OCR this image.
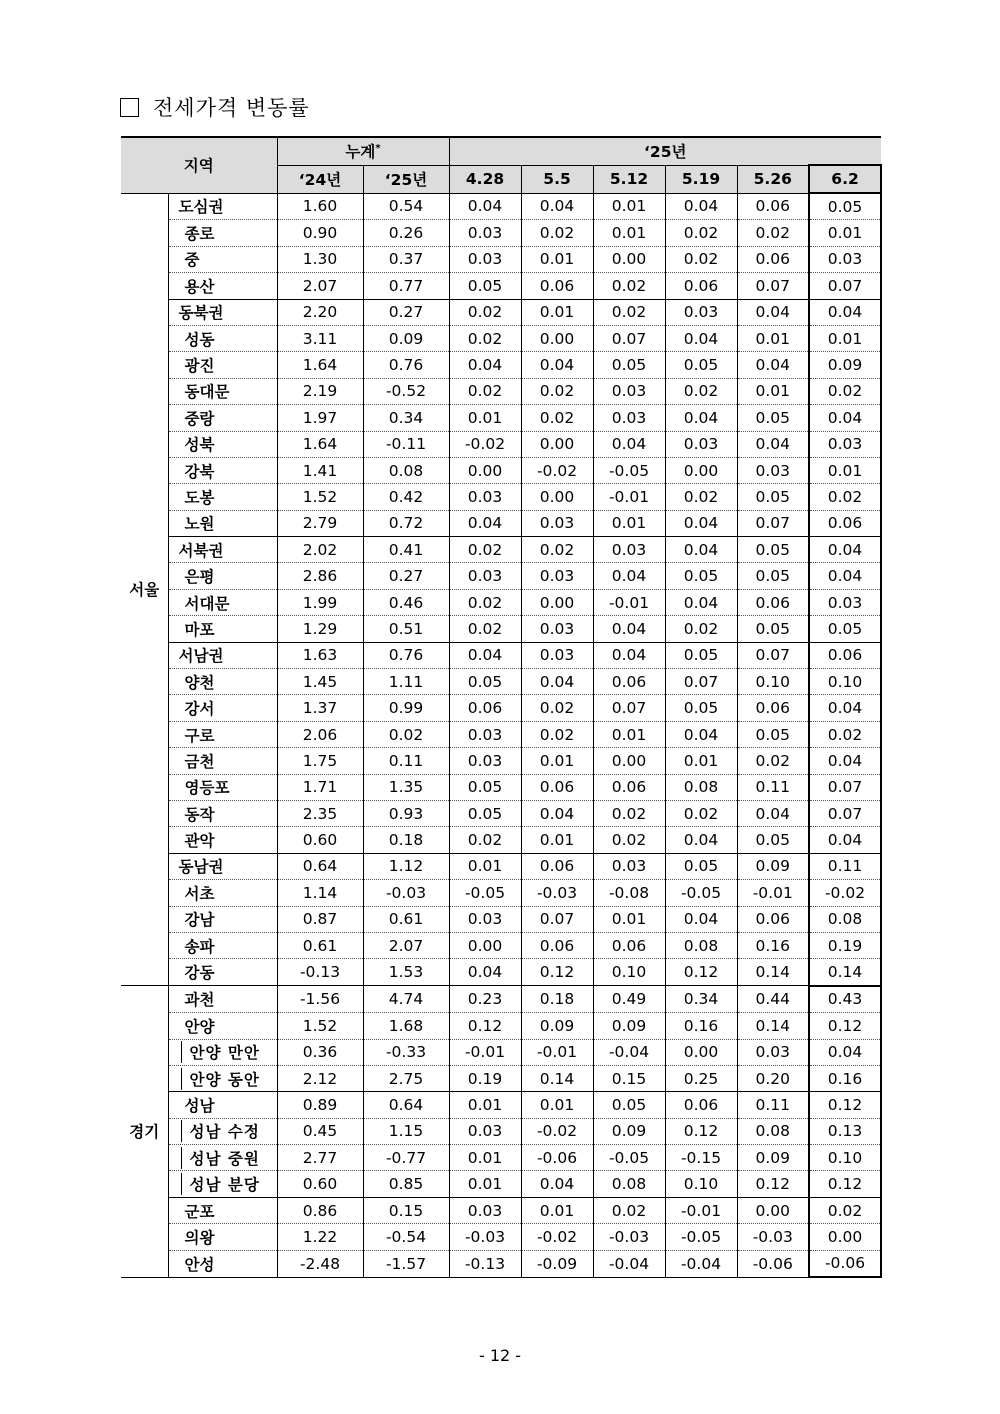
전세가격 변동률
지역		누계*		‘25년					
		‘24년	‘25년	4.28	5.5	5.12	5.19	5.26	6.2
서울	도심권	1.60	0.54	0.04	0.04	0.01	0.04	0.06	0.05
	종로	0.90	0.26	0.03	0.02	0.01	0.02	0.02	0.01
	중	1.30	0.37	0.03	0.01	0.00	0.02	0.06	0.03
	용산	2.07	0.77	0.05	0.06	0.02	0.06	0.07	0.07
	동북권	2.20	0.27	0.02	0.01	0.02	0.03	0.04	0.04
	성동	3.11	0.09	0.02	0.00	0.07	0.04	0.01	0.01
	광진	1.64	0.76	0.04	0.04	0.05	0.05	0.04	0.09
	동대문	2.19	-0.52	0.02	0.02	0.03	0.02	0.01	0.02
	중랑	1.97	0.34	0.01	0.02	0.03	0.04	0.05	0.04
	성북	1.64	-0.11	-0.02	0.00	0.04	0.03	0.04	0.03
	강북	1.41	0.08	0.00	-0.02	-0.05	0.00	0.03	0.01
	도봉	1.52	0.42	0.03	0.00	-0.01	0.02	0.05	0.02
	노원	2.79	0.72	0.04	0.03	0.01	0.04	0.07	0.06
	서북권	2.02	0.41	0.02	0.02	0.03	0.04	0.05	0.04
	은평	2.86	0.27	0.03	0.03	0.04	0.05	0.05	0.04
	서대문	1.99	0.46	0.02	0.00	-0.01	0.04	0.06	0.03
	마포	1.29	0.51	0.02	0.03	0.04	0.02	0.05	0.05
	서남권	1.63	0.76	0.04	0.03	0.04	0.05	0.07	0.06
	양천	1.45	1.11	0.05	0.04	0.06	0.07	0.10	0.10
	강서	1.37	0.99	0.06	0.02	0.07	0.05	0.06	0.04
	구로	2.06	0.02	0.03	0.02	0.01	0.04	0.05	0.02
	금천	1.75	0.11	0.03	0.01	0.00	0.01	0.02	0.04
	영등포	1.71	1.35	0.05	0.06	0.06	0.08	0.11	0.07
	동작	2.35	0.93	0.05	0.04	0.02	0.02	0.04	0.07
	관악	0.60	0.18	0.02	0.01	0.02	0.04	0.05	0.04
	동남권	0.64	1.12	0.01	0.06	0.03	0.05	0.09	0.11
	서초	1.14	-0.03	-0.05	-0.03	-0.08	-0.05	-0.01	-0.02
	강남	0.87	0.61	0.03	0.07	0.01	0.04	0.06	0.08
	송파	0.61	2.07	0.00	0.06	0.06	0.08	0.16	0.19
	강동	-0.13	1.53	0.04	0.12	0.10	0.12	0.14	0.14
경기	과천	-1.56	4.74	0.23	0.18	0.49	0.34	0.44	0.43
	안양	1.52	1.68	0.12	0.09	0.09	0.16	0.14	0.12
	안양 만안	0.36	-0.33	-0.01	-0.01	-0.04	0.00	0.03	0.04
	안양 동안	2.12	2.75	0.19	0.14	0.15	0.25	0.20	0.16
	성남	0.89	0.64	0.01	0.01	0.05	0.06	0.11	0.12
	성남 수정	0.45	1.15	0.03	-0.02	0.09	0.12	0.08	0.13
	성남 중원	2.77	-0.77	0.01	-0.06	-0.05	-0.15	0.09	0.10
	성남 분당	0.60	0.85	0.01	0.04	0.08	0.10	0.12	0.12
	군포	0.86	0.15	0.03	0.01	0.02	-0.01	0.00	0.02
	의왕	1.22	-0.54	-0.03	-0.02	-0.03	-0.05	-0.03	0.00
	안성	-2.48	-1.57	-0.13	-0.09	-0.04	-0.04	-0.06	-0.06
- 12 -
